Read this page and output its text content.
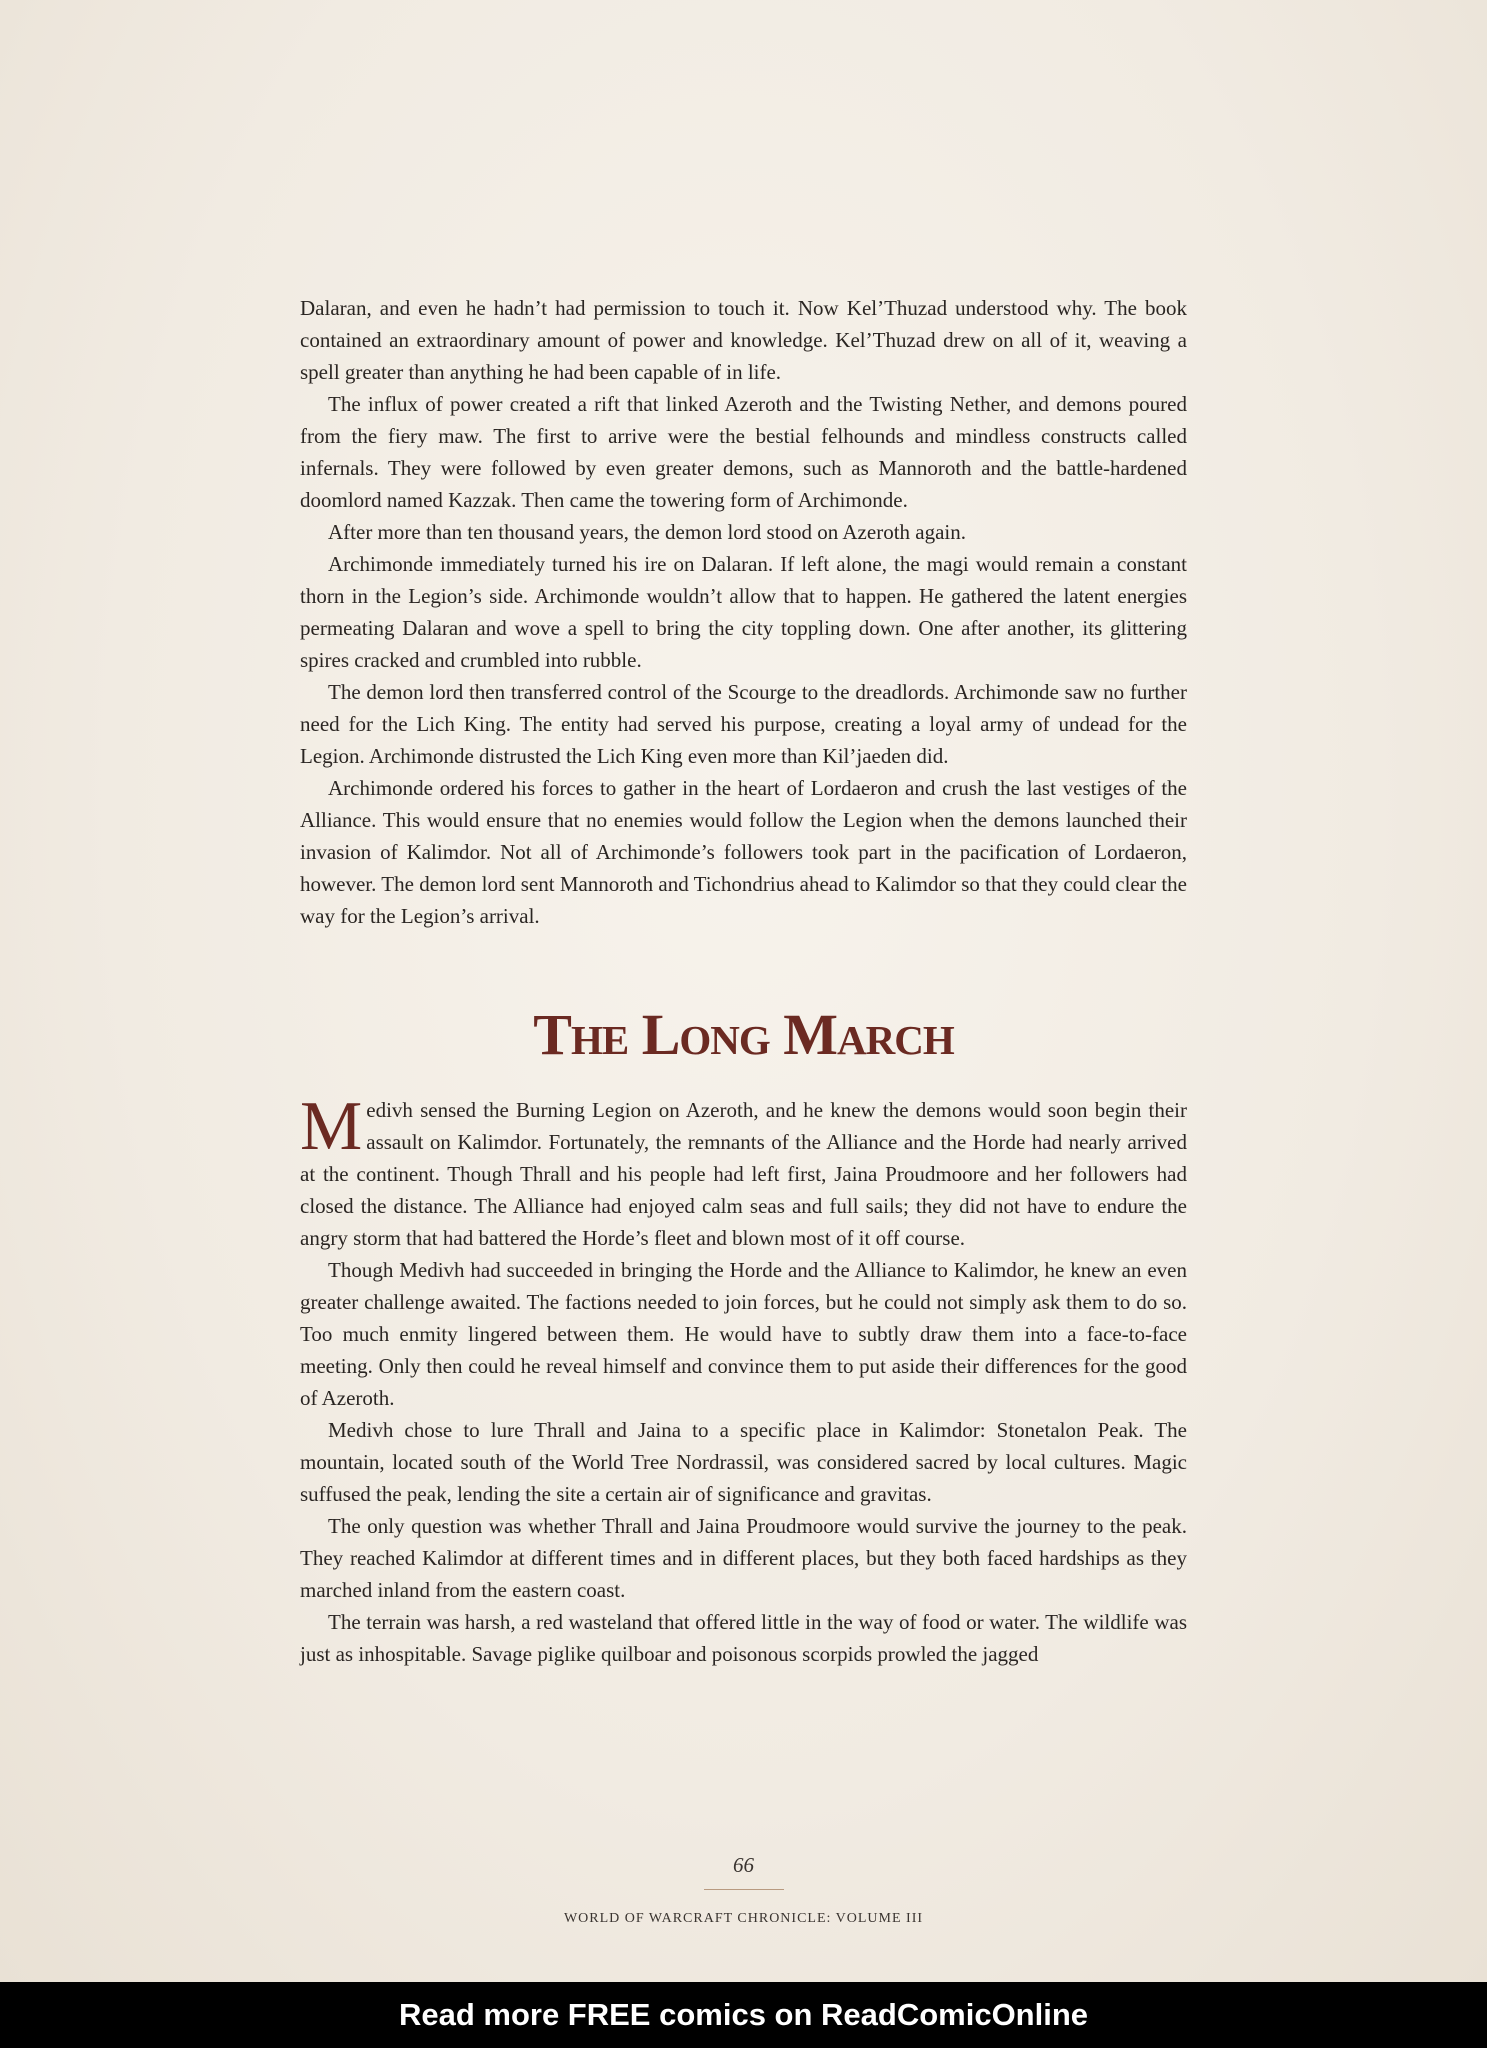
Dalaran, and even he hadn’t had permission to touch it. Now Kel’Thuzad understood why. The book contained an extraordinary amount of power and knowledge. Kel’Thuzad drew on all of it, weaving a spell greater than anything he had been capable of in life.

The influx of power created a rift that linked Azeroth and the Twisting Nether, and demons poured from the fiery maw. The first to arrive were the bestial felhounds and mindless constructs called infernals. They were followed by even greater demons, such as Mannoroth and the battle-hardened doomlord named Kazzak. Then came the towering form of Archimonde.

After more than ten thousand years, the demon lord stood on Azeroth again.

Archimonde immediately turned his ire on Dalaran. If left alone, the magi would remain a constant thorn in the Legion’s side. Archimonde wouldn’t allow that to happen. He gathered the latent energies permeating Dalaran and wove a spell to bring the city toppling down. One after another, its glittering spires cracked and crumbled into rubble.

The demon lord then transferred control of the Scourge to the dreadlords. Archimonde saw no further need for the Lich King. The entity had served his purpose, creating a loyal army of undead for the Legion. Archimonde distrusted the Lich King even more than Kil’jaeden did.

Archimonde ordered his forces to gather in the heart of Lordaeron and crush the last vestiges of the Alliance. This would ensure that no enemies would follow the Legion when the demons launched their invasion of Kalimdor. Not all of Archimonde’s followers took part in the pacification of Lordaeron, however. The demon lord sent Mannoroth and Tichondrius ahead to Kalimdor so that they could clear the way for the Legion’s arrival.

The Long March

Medivh sensed the Burning Legion on Azeroth, and he knew the demons would soon begin their assault on Kalimdor. Fortunately, the remnants of the Alliance and the Horde had nearly arrived at the continent. Though Thrall and his people had left first, Jaina Proudmoore and her followers had closed the distance. The Alliance had enjoyed calm seas and full sails; they did not have to endure the angry storm that had battered the Horde’s fleet and blown most of it off course.

Though Medivh had succeeded in bringing the Horde and the Alliance to Kalimdor, he knew an even greater challenge awaited. The factions needed to join forces, but he could not simply ask them to do so. Too much enmity lingered between them. He would have to subtly draw them into a face-to-face meeting. Only then could he reveal himself and convince them to put aside their differences for the good of Azeroth.

Medivh chose to lure Thrall and Jaina to a specific place in Kalimdor: Stonetalon Peak. The mountain, located south of the World Tree Nordrassil, was considered sacred by local cultures. Magic suffused the peak, lending the site a certain air of significance and gravitas.

The only question was whether Thrall and Jaina Proudmoore would survive the journey to the peak. They reached Kalimdor at different times and in different places, but they both faced hardships as they marched inland from the eastern coast.

The terrain was harsh, a red wasteland that offered little in the way of food or water. The wildlife was just as inhospitable. Savage piglike quilboar and poisonous scorpids prowled the jagged

66
WORLD OF WARCRAFT CHRONICLE: VOLUME III
Read more FREE comics on ReadComicOnline
